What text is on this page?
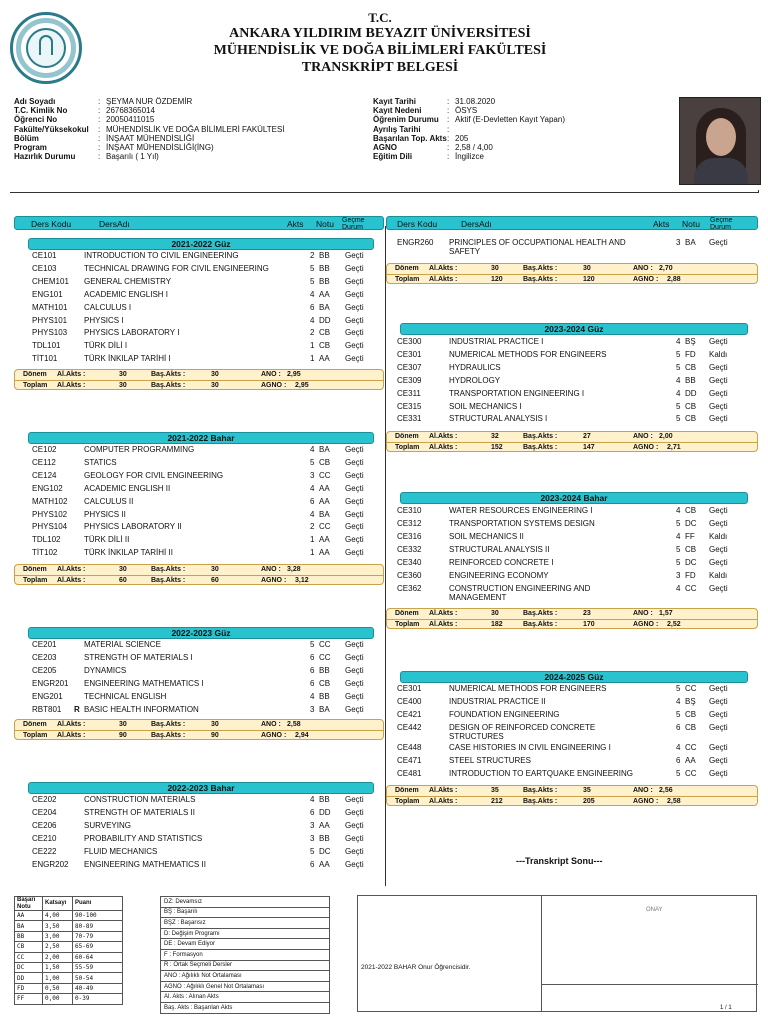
T.C.
ANKARA YILDIRIM BEYAZIT ÜNİVERSİTESİ
MÜHENDİSLİK VE DOĞA BİLİMLERİ FAKÜLTESİ
TRANSKRİPT BELGESİ
Adı Soyadı	: ŞEYMA NUR ÖZDEMİR
T.C. Kimlik No	: 26768365014
Öğrenci No	: 20050411015
Fakülte/Yüksekokul : MÜHENDİSLİK VE DOĞA BİLİMLERİ FAKÜLTESİ
Bölüm	: İNŞAAT MÜHENDİSLİĞİ
Program	: İNŞAAT MÜHENDİSLİĞİ(İNG)
Hazırlık Durumu	: Başarılı ( 1 Yıl)
Kayıt Tarihi	: 31.08.2020
Kayıt Nedeni	: ÖSYS
Öğrenim Durumu : Aktif (E-Devletten Kayıt Yapan)
Ayrılış Tarihi	:
Başarılan Top. Akts : 205
AGNO	: 2,58 / 4,00
Eğitim Dili	: İngilizce
Ders Kodu	DersAdı	Akts Notu Geçme
Durum	Ders Kodu	DersAdı	Akts Notu Geçme
Durum
2021-2022 Güz
CE101	INTRODUCTION TO CIVIL ENGINEERING	2 BB Geçti
CE103	TECHNICAL DRAWING FOR CIVIL ENGINEERING	5 BB Geçti
CHEM101 GENERAL CHEMISTRY	5 BB Geçti
ENG101	ACADEMIC ENGLISH I	4 AA Geçti
MATH101 CALCULUS I	6 BA Geçti
PHYS101 PHYSICS I	4 DD Geçti
PHYS103 PHYSICS LABORATORY I	2 CB Geçti
TDL101	TÜRK DİLİ I	1 CB Geçti
TİT101	TÜRK İNKILAP TARİHİ I	1 AA Geçti
Dönem Al.Akts :	30	Baş.Akts :	30	ANO : 2,95
Toplam Al.Akts :	30	Baş.Akts :	30	AGNO : 2,95
2021-2022 Bahar
CE102	COMPUTER PROGRAMMING	4 BA Geçti
CE112	STATICS	5 CB Geçti
CE124	GEOLOGY FOR CIVIL ENGINEERING	3 CC Geçti
ENG102	ACADEMIC ENGLISH II	4 AA Geçti
MATH102 CALCULUS II	6 AA Geçti
PHYS102 PHYSICS II	4 BA Geçti
PHYS104 PHYSICS LABORATORY II	2 CC Geçti
TDL102	TÜRK DİLİ II	1 AA Geçti
TİT102	TÜRK İNKILAP TARİHİ II	1 AA Geçti
Dönem Al.Akts :	30	Baş.Akts :	30	ANO : 3,28
Toplam Al.Akts :	60	Baş.Akts :	60	AGNO : 3,12
2022-2023 Güz
CE201	MATERIAL SCIENCE	5 CC Geçti
CE203	STRENGTH OF MATERIALS I	6 CC Geçti
CE205	DYNAMICS	6 BB Geçti
ENGR201 ENGINEERING MATHEMATICS I	6 CB Geçti
ENG201	TECHNICAL ENGLISH	4 BB Geçti
RBT801 R BASIC HEALTH INFORMATION	3 BA Geçti
Dönem Al.Akts :	30	Baş.Akts :	30	ANO : 2,58
Toplam Al.Akts :	90	Baş.Akts :	90	AGNO : 2,94
2022-2023 Bahar
CE202	CONSTRUCTION MATERIALS	4 BB Geçti
CE204	STRENGTH OF MATERIALS II	6 DD Geçti
CE206	SURVEYING	3 AA Geçti
CE210	PROBABILITY AND STATISTICS	3 BB Geçti
CE222	FLUID MECHANICS	5 DC Geçti
ENGR202 ENGINEERING MATHEMATICS II	6 AA Geçti
ENGR260 PRINCIPLES OF OCCUPATIONAL HEALTH AND SAFETY
3 BA Geçti
Dönem Al.Akts :	30	Baş.Akts :	30	ANO : 2,70
Toplam Al.Akts :	120	Baş.Akts :	120	AGNO : 2,88
2023-2024 Güz
CE300	INDUSTRIAL PRACTICE I	4 BŞ Geçti
CE301	NUMERICAL METHODS FOR ENGINEERS	5 FD Kaldı
CE307	HYDRAULICS	5 CB Geçti
CE309	HYDROLOGY	4 BB Geçti
CE311	TRANSPORTATION ENGINEERING I	4 DD Geçti
CE315	SOIL MECHANICS I	5 CB Geçti
CE331	STRUCTURAL ANALYSIS I	5 CB Geçti
Dönem Al.Akts :	32	Baş.Akts :	27	ANO : 2,00
Toplam Al.Akts :	152	Baş.Akts :	147	AGNO : 2,71
2023-2024 Bahar
CE310	WATER RESOURCES ENGINEERING I	4 CB Geçti
CE312	TRANSPORTATION SYSTEMS DESIGN	5 DC Geçti
CE316	SOIL MECHANICS II	4 FF Kaldı
CE332	STRUCTURAL ANALYSIS II	5 CB Geçti
CE340	REINFORCED CONCRETE I	5 DC Geçti
CE360	ENGINEERING ECONOMY	3 FD Kaldı
CE362	CONSTRUCTION ENGINEERING AND MANAGEMENT
4 CC Geçti
Dönem Al.Akts :	30	Baş.Akts :	23	ANO : 1,57
Toplam Al.Akts :	182	Baş.Akts :	170	AGNO : 2,52
2024-2025 Güz
CE301	NUMERICAL METHODS FOR ENGINEERS	5 CC Geçti
CE400	INDUSTRIAL PRACTICE II	4 BŞ Geçti
CE421	FOUNDATION ENGINEERING	5 CB Geçti
CE442	DESIGN OF REINFORCED CONCRETE STRUCTURES
6 CB Geçti
CE448	CASE HISTORIES IN CIVIL ENGINEERING I	4 CC Geçti
CE471	STEEL STRUCTURES	6 AA Geçti
CE481	INTRODUCTION TO EARTQUAKE ENGINEERING	5 CC Geçti
Dönem Al.Akts :	35	Baş.Akts :	35	ANO : 2,56
Toplam Al.Akts :	212	Baş.Akts :	205	AGNO : 2,58
---Transkript Sonu---
Başarı Notu	Katsayı	Puanı
AA	4,00	90-100
BA	3,50	80-89
BB	3,00	70-79
CB	2,50	65-69
CC	2,00	60-64
DC	1,50	55-59
DD	1,00	50-54
FD	0,50	40-49
FF	0,00	0-39
DZ: Devamsız
BŞ : Başarılı
BŞZ : Başarısız
D: Değişim Programı
DE : Devam Ediyor
F : Formasyon
R : Ortak Seçmeli Dersler
ANO : Ağılıklı Not Ortalaması
AGNO : Ağılıklı Genel Not Ortalaması
Al. Akts : Alınan Akts
Baş. Akts : Başarılan Akts
ONAY
2021-2022 BAHAR Onur Öğrencisidir.
1 / 1
